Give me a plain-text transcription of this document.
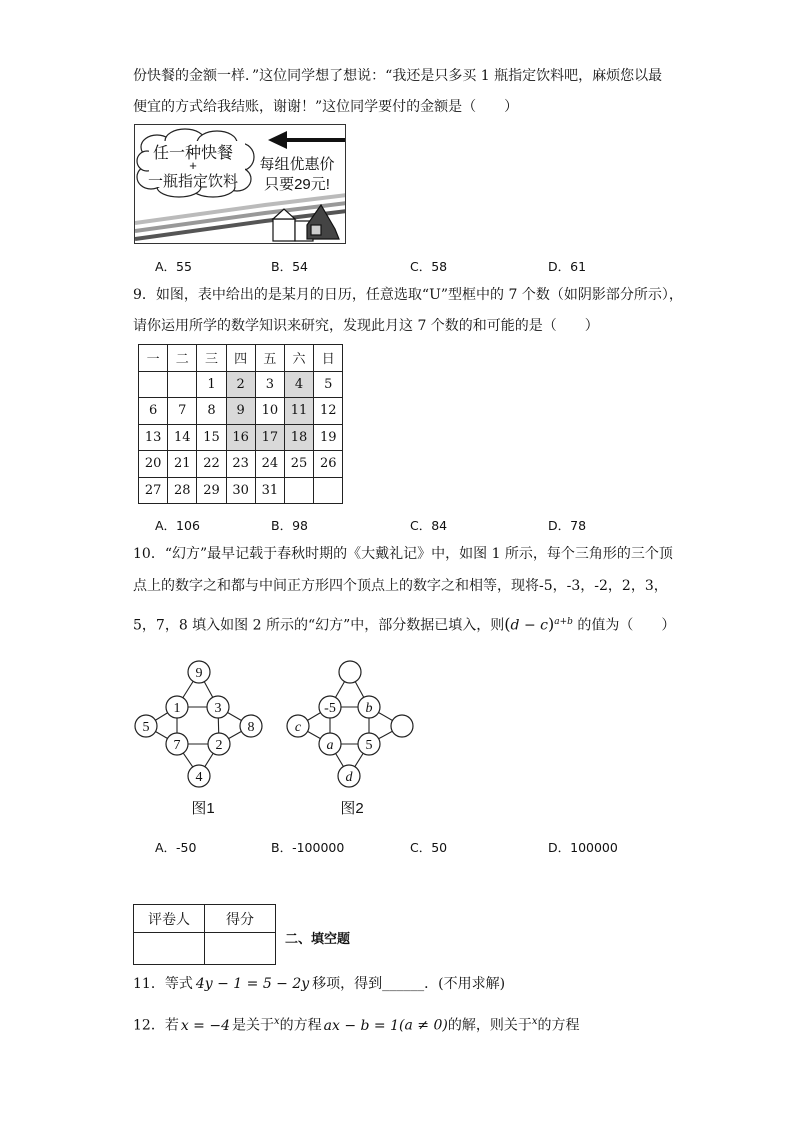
份快餐的金额一样．”这位同学想了想说：“我还是只多买 1 瓶指定饮料吧，麻烦您以最
便宜的方式给我结账，谢谢！”这位同学要付的金额是（　　）
任一种快餐
+
一瓶指定饮料
每组优惠价
只要29元!
A．55	B．54	C．58	D．61
9．如图，表中给出的是某月的日历，任意选取“U”型框中的 7 个数（如阴影部分所示），
请你运用所学的数学知识来研究，发现此月这 7 个数的和可能的是（　　）
一	二	三	四	五	六	日
		1	2	3	4	5
6	7	8	9	10	11	12
13	14	15	16	17	18	19
20	21	22	23	24	25	26
27	28	29	30	31		
A．106	B．98	C．84	D．78
10．“幻方”最早记载于春秋时期的《大戴礼记》中，如图 1 所示，每个三角形的三个顶
点上的数字之和都与中间正方形四个顶点上的数字之和相等，现将-5，-3，-2，2，3，
5，7，8 填入如图 2 所示的“幻方”中，部分数据已填入，则$(d - c)^{a+b}$ 的值为（　　）
9
1 3
5	8
7	2
4
-5 b
c
a 5
d
图1	图2
A．-50	B．-100000	C．50	D．100000
评卷人	得分

二、填空题
11．等式 4y − 1 = 5 − 2y 移项，得到______．(不用求解)
12．若 x = −4 是关于$^x$的方程 ax − b = 1(a ≠ 0)的解，则关于$^x$的方程
